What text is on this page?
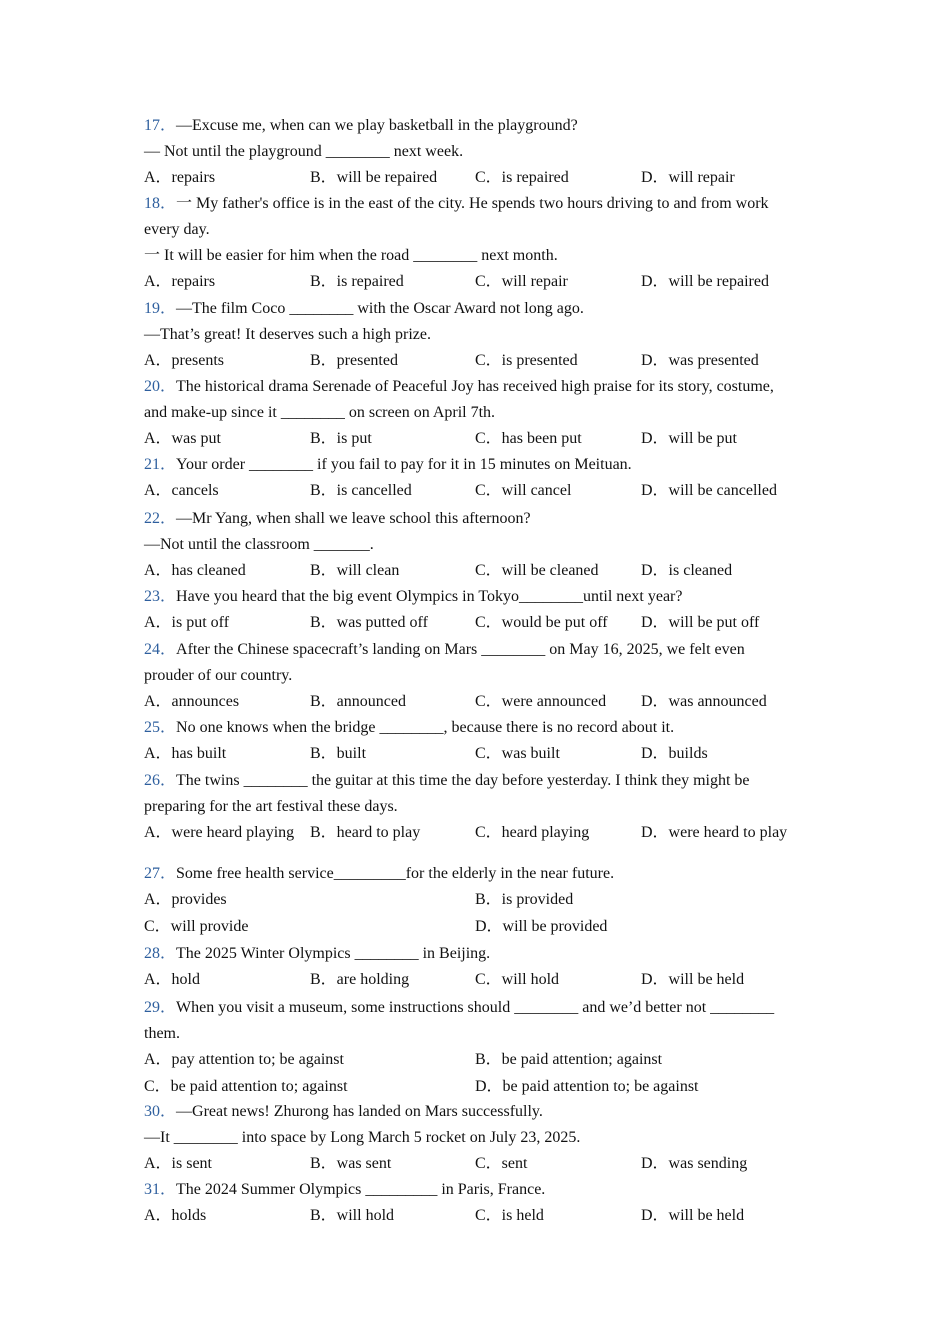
17．—Excuse me, when can we play basketball in the playground?
— Not until the playground ________ next week.
A．repairs	B．will be repaired C．is repaired	D．will repair
18．一 My father's office is in the east of the city. He spends two hours driving to and from work
every day.
一 It will be easier for him when the road ________ next month.
A．repairs	B．is repaired	C．will repair	D．will be repaired
19．—The film Coco ________ with the Oscar Award not long ago.
—That’s great! It deserves such a high prize.
A．presents	B．presented	C．is presented	D．was presented
20．The historical drama Serenade of Peaceful Joy has received high praise for its story, costume,
and make-up since it ________ on screen on April 7th.
A．was put	B．is put	C．has been put	D．will be put
21．Your order ________ if you fail to pay for it in 15 minutes on Meituan.
A．cancels	B．is cancelled	C．will cancel	D．will be cancelled
22．—Mr Yang, when shall we leave school this afternoon?
—Not until the classroom _______.
A．has cleaned	B．will clean	C．will be cleaned	D．is cleaned
23．Have you heard that the big event Olympics in Tokyo________until next year?
A．is put off	B．was putted off	C．would be put off D．will be put off
24．After the Chinese spacecraft’s landing on Mars ________ on May 16, 2025, we felt even
prouder of our country.
A．announces	B．announced	C．were announced D．was announced
25．No one knows when the bridge ________, because there is no record about it.
A．has built	B．built	C．was built	D．builds
26．The twins ________ the guitar at this time the day before yesterday. I think they might be
preparing for the art festival these days.
A．were heard playing B．heard to play	C．heard playing	D．were heard to play
27．Some free health service_________for the elderly in the near future.
A．provides	B．is provided
C．will provide	D．will be provided
28．The 2025 Winter Olympics ________ in Beijing.
A．hold	B．are holding	C．will hold	D．will be held
29．When you visit a museum, some instructions should ________ and we’d better not ________
them.
A．pay attention to; be against	B．be paid attention; against
C．be paid attention to; against	D．be paid attention to; be against
30．—Great news! Zhurong has landed on Mars successfully.
—It ________ into space by Long March 5 rocket on July 23, 2025.
A．is sent	B．was sent	C．sent	D．was sending
31．The 2024 Summer Olympics _________ in Paris, France.
A．holds	B．will hold	C．is held	D．will be held
